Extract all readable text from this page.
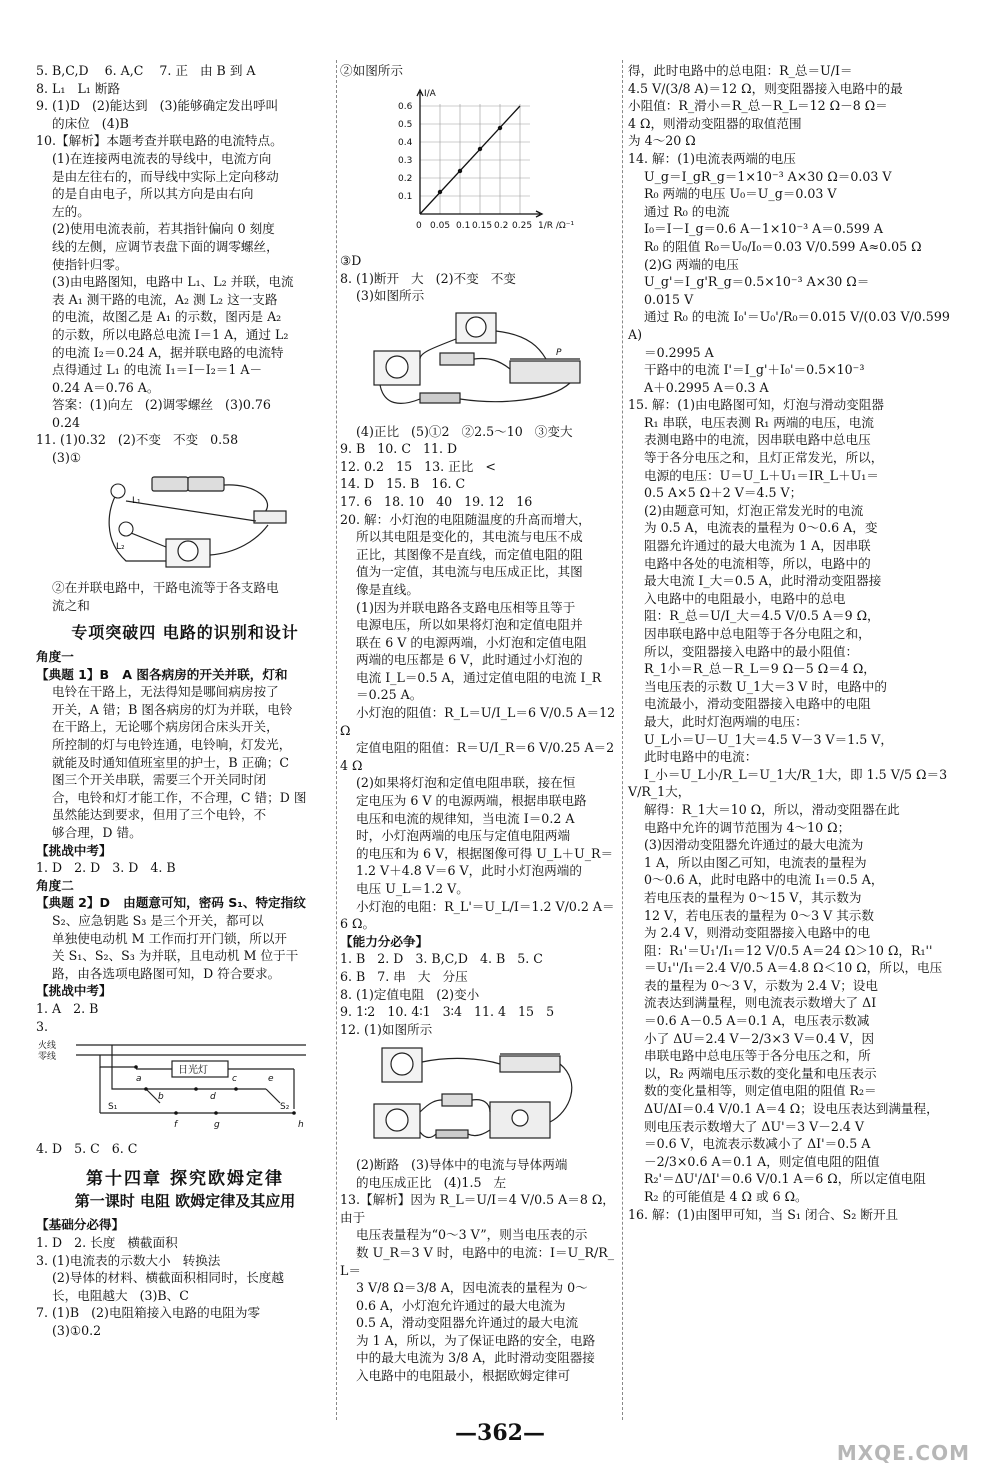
5. B,C,D    6. A,C    7. 正   由 B 到 A
8. L₁   L₁ 断路
9. (1)D   (2)能达到   (3)能够确定发出呼叫
的床位   (4)B
10.【解析】本题考查并联电路的电流特点。
(1)在连接两电流表的导线中，电流方向
是由左往右的，而导线中实际上定向移动
的是自由电子，所以其方向是由右向
左的。
(2)使用电流表前，若其指针偏向 0 刻度
线的左侧，应调节表盘下面的调零螺丝，
使指针归零。
(3)由电路图知，电路中 L₁、L₂ 并联，电流
表 A₁ 测干路的电流，A₂ 测 L₂ 这一支路
的电流，故图乙是 A₁ 的示数，图丙是 A₂
的示数，所以电路总电流 I＝1 A，通过 L₂
的电流 I₂＝0.24 A，据并联电路的电流特
点得通过 L₁ 的电流 I₁＝I－I₂＝1 A－
0.24 A＝0.76 A。
答案：(1)向左   (2)调零螺丝   (3)0.76
0.24
11. (1)0.32   (2)不变   不变   0.58
(3)①
L₁
L₂
②在并联电路中，干路电流等于各支路电
流之和
专项突破四 电路的识别和设计
角度一
【典题 1】B   A 图各病房的开关并联，灯和
电铃在干路上，无法得知是哪间病房按了
开关，A 错；B 图各病房的灯为并联，电铃
在干路上，无论哪个病房闭合床头开关，
所控制的灯与电铃连通，电铃响，灯发光，
就能及时通知值班室里的护士，B 正确；C
图三个开关串联，需要三个开关同时闭
合，电铃和灯才能工作，不合理，C 错；D 图
虽然能达到要求，但用了三个电铃，不
够合理，D 错。
【挑战中考】
1. D   2. D   3. D   4. B
角度二
【典题 2】D   由题意可知，密码 S₁、特定指纹
S₂、应急钥匙 S₃ 是三个开关，都可以
单独使电动机 M 工作而打开门锁，所以开
关 S₁、S₂、S₃ 为并联，且电动机 M 位于干
路，由各选项电路图可知，D 符合要求。
【挑战中考】
1. A   2. B
3.
火线
零线
日光灯
S₁	S₂
a
b
c
d
e
f	g	h
4. D   5. C   6. C
第十四章 探究欧姆定律
第一课时 电阻 欧姆定律及其应用
【基础分必得】
1. D   2. 长度   横截面积
3. (1)电流表的示数大小   转换法
(2)导体的材料、横截面积相同时，长度越
长，电阻越大   (3)B、C
7. (1)B   (2)电阻箱接入电路的电阻为零
(3)①0.2
②如图所示
I/A
0.6
0.5
0.4
0.3
0.2
0.1
0 0.05 0.1 0.15 0.2 0.25 1/R /Ω⁻¹
③D
8. (1)断开   大   (2)不变   不变
(3)如图所示
P
(4)正比   (5)①2   ②2.5～10   ③变大
9. B   10. C   11. D
12. 0.2   15   13. 正比   <
14. D   15. B   16. C
17. 6   18. 10   40   19. 12   16
20. 解：小灯泡的电阻随温度的升高而增大，
所以其电阻是变化的，其电流与电压不成
正比，其图像不是直线，而定值电阻的阻
值为一定值，其电流与电压成正比，其图
像是直线。
(1)因为并联电路各支路电压相等且等于
电源电压，所以如果将灯泡和定值电阻并
联在 6 V 的电源两端，小灯泡和定值电阻
两端的电压都是 6 V，此时通过小灯泡的
电流 I_L＝0.5 A，通过定值电阻的电流 I_R
＝0.25 A。
小灯泡的阻值：R_L＝U/I_L＝6 V/0.5 A＝12 Ω
定值电阻的阻值：R＝U/I_R＝6 V/0.25 A＝24 Ω
(2)如果将灯泡和定值电阻串联，接在恒
定电压为 6 V 的电源两端，根据串联电路
电压和电流的规律知，当电流 I＝0.2 A
时，小灯泡两端的电压与定值电阻两端
的电压和为 6 V，根据图像可得 U_L＋U_R＝
1.2 V＋4.8 V＝6 V，此时小灯泡两端的
电压 U_L＝1.2 V。
小灯泡的电阻：R_L'＝U_L/I＝1.2 V/0.2 A＝6 Ω。
【能力分必争】
1. B   2. D   3. B,C,D   4. B   5. C
6. B   7. 串   大   分压
8. (1)定值电阻   (2)变小
9. 1∶2   10. 4∶1   3∶4   11. 4   15   5
12. (1)如图所示
(2)断路   (3)导体中的电流与导体两端
的电压成正比   (4)1.5   左
13.【解析】因为 R_L＝U/I＝4 V/0.5 A＝8 Ω，由于
电压表量程为“0～3 V”，则当电压表的示
数 U_R＝3 V 时，电路中的电流：I＝U_R/R_L＝
3 V/8 Ω＝3/8 A，因电流表的量程为 0～
0.6 A，小灯泡允许通过的最大电流为
0.5 A，滑动变阻器允许通过的最大电流
为 1 A，所以，为了保证电路的安全，电路
中的最大电流为 3/8 A，此时滑动变阻器接
入电路中的电阻最小，根据欧姆定律可
得，此时电路中的总电阻：R_总＝U/I＝
4.5 V/(3/8 A)＝12 Ω，则变阻器接入电路中的最
小阻值：R_滑小＝R_总－R_L＝12 Ω－8 Ω＝
4 Ω，则滑动变阻器的取值范围
为 4～20 Ω
14. 解：(1)电流表两端的电压
U_g＝I_gR_g＝1×10⁻³ A×30 Ω＝0.03 V
R₀ 两端的电压 U₀＝U_g＝0.03 V
通过 R₀ 的电流
I₀＝I－I_g＝0.6 A－1×10⁻³ A＝0.599 A
R₀ 的阻值 R₀＝U₀/I₀＝0.03 V/0.599 A≈0.05 Ω
(2)G 两端的电压
U_g'＝I_g'R_g＝0.5×10⁻³ A×30 Ω＝
0.015 V
通过 R₀ 的电流 I₀'＝U₀'/R₀＝0.015 V/(0.03 V/0.599 A)
＝0.2995 A
干路中的电流 I'＝I_g'＋I₀'＝0.5×10⁻³
A＋0.2995 A＝0.3 A
15. 解：(1)由电路图可知，灯泡与滑动变阻器
R₁ 串联，电压表测 R₁ 两端的电压，电流
表测电路中的电流，因串联电路中总电压
等于各分电压之和，且灯正常发光，所以，
电源的电压：U＝U_L＋U₁＝IR_L＋U₁＝
0.5 A×5 Ω＋2 V＝4.5 V；
(2)由题意可知，灯泡正常发光时的电流
为 0.5 A，电流表的量程为 0～0.6 A，变
阻器允许通过的最大电流为 1 A，因串联
电路中各处的电流相等，所以，电路中的
最大电流 I_大＝0.5 A，此时滑动变阻器接
入电路中的电阻最小，电路中的总电
阻：R_总＝U/I_大＝4.5 V/0.5 A＝9 Ω，
因串联电路中总电阻等于各分电阻之和，
所以，变阻器接入电路中的最小阻值：
R_1小＝R_总－R_L＝9 Ω－5 Ω＝4 Ω，
当电压表的示数 U_1大＝3 V 时，电路中的
电流最小，滑动变阻器接入电路中的电阻
最大，此时灯泡两端的电压：
U_L小＝U－U_1大＝4.5 V－3 V＝1.5 V，
此时电路中的电流：
I_小＝U_L小/R_L＝U_1大/R_1大，即 1.5 V/5 Ω＝3 V/R_1大，
解得：R_1大＝10 Ω，所以，滑动变阻器在此
电路中允许的调节范围为 4～10 Ω；
(3)因滑动变阻器允许通过的最大电流为
1 A，所以由图乙可知，电流表的量程为
0～0.6 A，此时电路中的电流 I₁＝0.5 A，
若电压表的量程为 0～15 V，其示数为
12 V，若电压表的量程为 0～3 V 其示数
为 2.4 V，则滑动变阻器接入电路中的电
阻：R₁'＝U₁'/I₁＝12 V/0.5 A＝24 Ω＞10 Ω，R₁''
＝U₁''/I₁＝2.4 V/0.5 A＝4.8 Ω＜10 Ω，所以，电压
表的量程为 0～3 V，示数为 2.4 V；设电
流表达到满量程，则电流表示数增大了 ΔI
＝0.6 A－0.5 A＝0.1 A，电压表示数减
小了 ΔU＝2.4 V－2/3×3 V＝0.4 V，因
串联电路中总电压等于各分电压之和，所
以，R₂ 两端电压示数的变化量和电压表示
数的变化量相等，则定值电阻的阻值 R₂＝
ΔU/ΔI＝0.4 V/0.1 A＝4 Ω；设电压表达到满量程，
则电压表示数增大了 ΔU'＝3 V－2.4 V
＝0.6 V，电流表示数减小了 ΔI'＝0.5 A
－2/3×0.6 A＝0.1 A，则定值电阻的阻值
R₂'＝ΔU'/ΔI'＝0.6 V/0.1 A＝6 Ω，所以定值电阻
R₂ 的可能值是 4 Ω 或 6 Ω。
16. 解：(1)由图甲可知，当 S₁ 闭合、S₂ 断开且
—362—
MXQE.COM
